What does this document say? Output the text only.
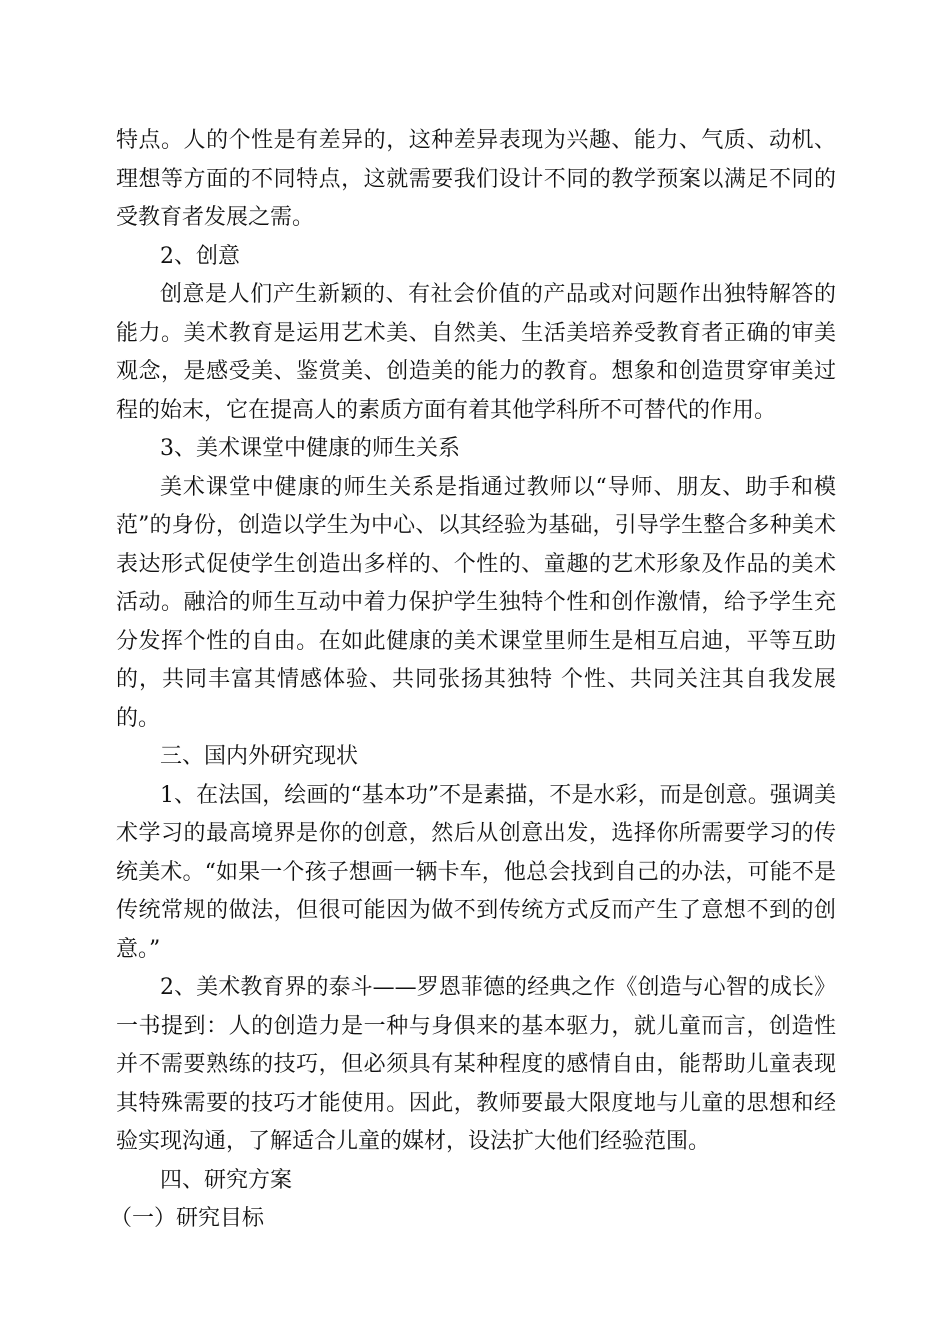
特点。人的个性是有差异的，这种差异表现为兴趣、能力、气质、动机、理想等方面的不同特点，这就需要我们设计不同的教学预案以满足不同的受教育者发展之需。

2、创意

创意是人们产生新颖的、有社会价值的产品或对问题作出独特解答的能力。美术教育是运用艺术美、自然美、生活美培养受教育者正确的审美观念，是感受美、鉴赏美、创造美的能力的教育。想象和创造贯穿审美过程的始末，它在提高人的素质方面有着其他学科所不可替代的作用。

3、美术课堂中健康的师生关系

美术课堂中健康的师生关系是指通过教师以“导师、朋友、助手和模范”的身份，创造以学生为中心、以其经验为基础，引导学生整合多种美术表达形式促使学生创造出多样的、个性的、童趣的艺术形象及作品的美术活动。融洽的师生互动中着力保护学生独特个性和创作激情，给予学生充分发挥个性的自由。在如此健康的美术课堂里师生是相互启迪，平等互助的，共同丰富其情感体验、共同张扬其独特 个性、共同关注其自我发展的。

三、国内外研究现状

1、在法国，绘画的“基本功”不是素描，不是水彩，而是创意。强调美术学习的最高境界是你的创意，然后从创意出发，选择你所需要学习的传统美术。“如果一个孩子想画一辆卡车，他总会找到自己的办法，可能不是传统常规的做法，但很可能因为做不到传统方式反而产生了意想不到的创意。”

2、美术教育界的泰斗——罗恩菲德的经典之作《创造与心智的成长》一书提到：人的创造力是一种与身俱来的基本驱力，就儿童而言，创造性并不需要熟练的技巧，但必须具有某种程度的感情自由，能帮助儿童表现其特殊需要的技巧才能使用。因此，教师要最大限度地与儿童的思想和经验实现沟通，了解适合儿童的媒材，设法扩大他们经验范围。

四、研究方案

（一）研究目标
